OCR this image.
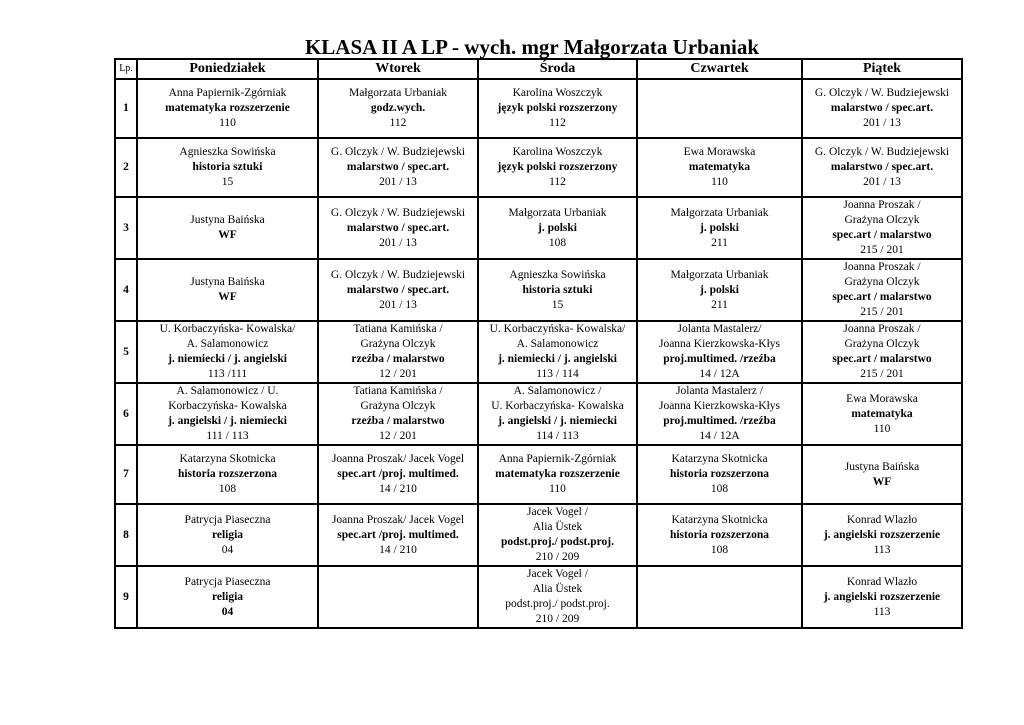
KLASA II A LP - wych. mgr Małgorzata Urbaniak
Lp.	Poniedziałek	Wtorek	Środa	Czwartek	Piątek
1	Anna Papiernik-Zgórniak
matematyka rozszerzenie
110	Małgorzata Urbaniak
godz.wych.
112	Karolina Woszczyk
język polski rozszerzony
112		G. Olczyk / W. Budziejewski
malarstwo / spec.art.
201 / 13

2	Agnieszka Sowińska
historia sztuki
15	G. Olczyk / W. Budziejewski
malarstwo / spec.art.
201 / 13	Karolina Woszczyk
język polski rozszerzony
112	Ewa Morawska
matematyka
110	G. Olczyk / W. Budziejewski
malarstwo / spec.art.
201 / 13

3	Justyna Baińska
WF	G. Olczyk / W. Budziejewski
malarstwo / spec.art.
201 / 13	Małgorzata Urbaniak
j. polski
108	Małgorzata Urbaniak
j. polski
211	Joanna Proszak /
Grażyna Olczyk
spec.art / malarstwo
215 / 201

4	Justyna Baińska
WF	G. Olczyk / W. Budziejewski
malarstwo / spec.art.
201 / 13	Agnieszka Sowińska
historia sztuki
15	Małgorzata Urbaniak
j. polski
211	Joanna Proszak /
Grażyna Olczyk
spec.art / malarstwo
215 / 201

5	U. Korbaczyńska- Kowalska/
A. Salamonowicz
j. niemiecki / j. angielski
113 /111	Tatiana Kamińska /
Grażyna Olczyk
rzeźba / malarstwo
12 / 201	U. Korbaczyńska- Kowalska/
A. Salamonowicz
j. niemiecki / j. angielski
113 / 114	Jolanta Mastalerz/
Joanna Kierzkowska-Kłys
proj.multimed. /rzeźba
14 / 12A	Joanna Proszak /
Grażyna Olczyk
spec.art / malarstwo
215 / 201

6	A. Salamonowicz / U.
Korbaczyńska- Kowalska
j. angielski / j. niemiecki
111 / 113	Tatiana Kamińska /
Grażyna Olczyk
rzeźba / malarstwo
12 / 201	A. Salamonowicz /
U. Korbaczyńska- Kowalska
j. angielski / j. niemiecki
114 / 113	Jolanta Mastalerz /
Joanna Kierzkowska-Kłys
proj.multimed. /rzeźba
14 / 12A	Ewa Morawska
matematyka
110

7	Katarzyna Skotnicka
historia rozszerzona
108	Joanna Proszak/ Jacek Vogel
spec.art /proj. multimed.
14 / 210	Anna Papiernik-Zgórniak
matematyka rozszerzenie
110	Katarzyna Skotnicka
historia rozszerzona
108	Justyna Baińska
WF

8	Patrycja Piaseczna
religia
04	Joanna Proszak/ Jacek Vogel
spec.art /proj. multimed.
14 / 210	Jacek Vogel /
Alia Üstek
podst.proj./ podst.proj.
210 / 209	Katarzyna Skotnicka
historia rozszerzona
108	Konrad Wlazło
j. angielski rozszerzenie
113

9	Patrycja Piaseczna
religia
04		Jacek Vogel /
Alia Üstek
podst.proj./ podst.proj.
210 / 209		Konrad Wlazło
j. angielski rozszerzenie
113
